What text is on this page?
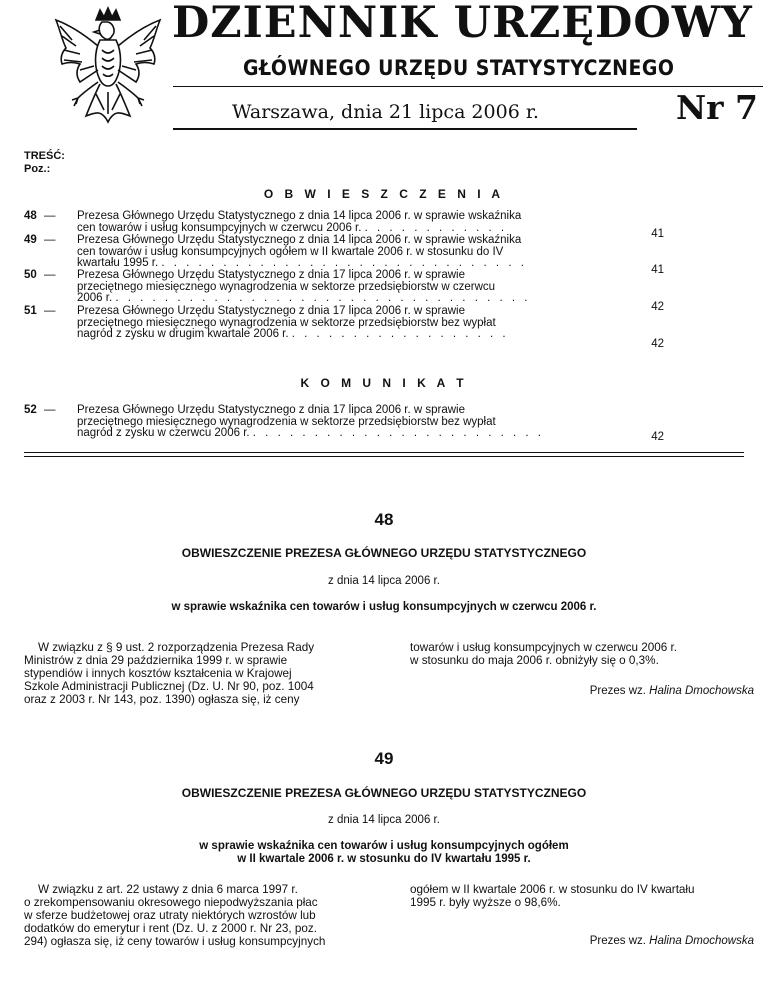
DZIENNIK URZĘDOWY
GŁÓWNEGO URZĘDU STATYSTYCZNEGO
Warszawa, dnia 21 lipca 2006 r.	Nr 7
TREŚĆ:
Poz.:
O B W I E S Z C Z E N I A
48 — Prezesa Głównego Urzędu Statystycznego z dnia 14 lipca 2006 r. w sprawie wskaźnika
cen towarów i usług konsumpcyjnych w czerwcu 2006 r. . . . . . . . . . . . .
41
49 — Prezesa Głównego Urzędu Statystycznego z dnia 14 lipca 2006 r. w sprawie wskaźnika
cen towarów i usług konsumpcyjnych ogółem w II kwartale 2006 r. w stosunku do IV
kwartału 1995 r. . . . . . . . . . . . . . . . . . . . . . . . . . . . . . .
41
50 — Prezesa Głównego Urzędu Statystycznego z dnia 17 lipca 2006 r. w sprawie
przeciętnego miesięcznego wynagrodzenia w sektorze przedsiębiorstw w czerwcu
2006 r. . . . . . . . . . . . . . . . . . . . . . . . . . . . . . . . . . .
42
51 — Prezesa Głównego Urzędu Statystycznego z dnia 17 lipca 2006 r. w sprawie
przeciętnego miesięcznego wynagrodzenia w sektorze przedsiębiorstw bez wypłat
nagród z zysku w drugim kwartale 2006 r. . . . . . . . . . . . . . . . . . .
42
K O M U N I K A T
52 — Prezesa Głównego Urzędu Statystycznego z dnia 17 lipca 2006 r. w sprawie
przeciętnego miesięcznego wynagrodzenia w sektorze przedsiębiorstw bez wypłat
nagród z zysku w czerwcu 2006 r. . . . . . . . . . . . . . . . . . . . . . . . .	42
48
OBWIESZCZENIE PREZESA GŁÓWNEGO URZĘDU STATYSTYCZNEGO
z dnia 14 lipca 2006 r.
w sprawie wskaźnika cen towarów i usług konsumpcyjnych w czerwcu 2006 r.
W związku z § 9 ust. 2 rozporządzenia Prezesa Rady
Ministrów z dnia 29 października 1999 r. w sprawie
stypendiów i innych kosztów kształcenia w Krajowej
Szkole Administracji Publicznej (Dz. U. Nr 90, poz. 1004
oraz z 2003 r. Nr 143, poz. 1390) ogłasza się, iż ceny
towarów i usług konsumpcyjnych w czerwcu 2006 r.
w stosunku do maja 2006 r. obniżyły się o 0,3%.
Prezes wz. Halina Dmochowska
49
OBWIESZCZENIE PREZESA GŁÓWNEGO URZĘDU STATYSTYCZNEGO
z dnia 14 lipca 2006 r.
w sprawie wskaźnika cen towarów i usług konsumpcyjnych ogółem
w II kwartale 2006 r. w stosunku do IV kwartału 1995 r.
W związku z art. 22 ustawy z dnia 6 marca 1997 r.
o zrekompensowaniu okresowego niepodwyższania płac
w sferze budżetowej oraz utraty niektórych wzrostów lub
dodatków do emerytur i rent (Dz. U. z 2000 r. Nr 23, poz.
294) ogłasza się, iż ceny towarów i usług konsumpcyjnych
ogółem w II kwartale 2006 r. w stosunku do IV kwartału
1995 r. były wyższe o 98,6%.
Prezes wz. Halina Dmochowska
